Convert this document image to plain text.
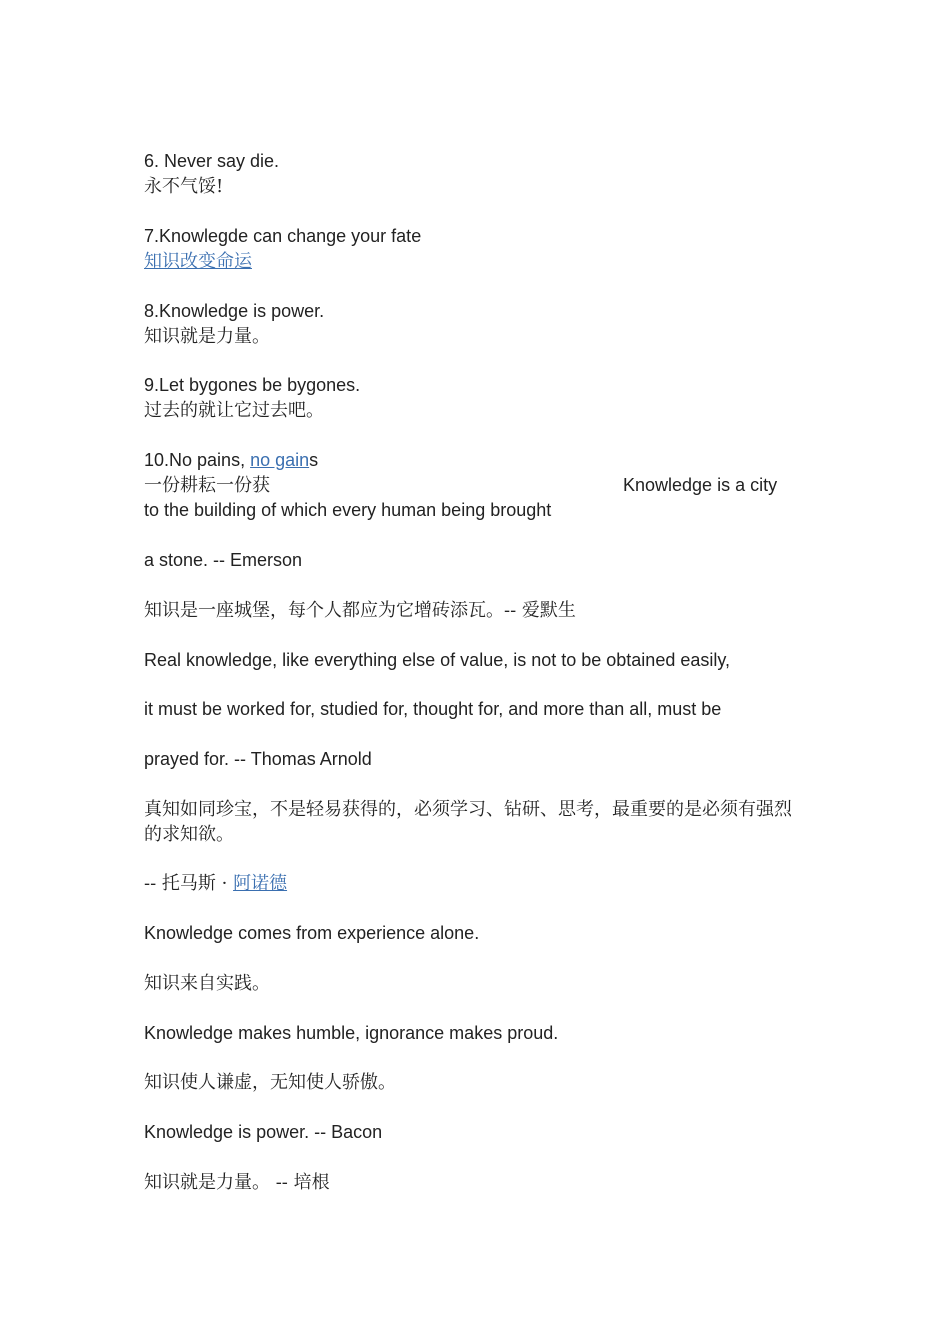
6. Never say die.
永不气馁!
7.Knowlegde can change your fate
知识改变命运
8.Knowledge is power.
知识就是力量。
9.Let bygones be bygones.
过去的就让它过去吧。
10.No pains, no gains
一份耕耘一份获	Knowledge is a city
to the building of which every human being brought
a stone. -- Emerson
知识是一座城堡，每个人都应为它增砖添瓦。-- 爱默生
Real knowledge, like everything else of value, is not to be obtained easily,
it must be worked for, studied for, thought for, and more than all, must be
prayed for. -- Thomas Arnold
真知如同珍宝，不是轻易获得的，必须学习、钻研、思考，最重要的是必须有强烈
的求知欲。
-- 托马斯 · 阿诺德
Knowledge comes from experience alone.
知识来自实践。
Knowledge makes humble, ignorance makes proud.
知识使人谦虚，无知使人骄傲。
Knowledge is power. -- Bacon
知识就是力量。 -- 培根
